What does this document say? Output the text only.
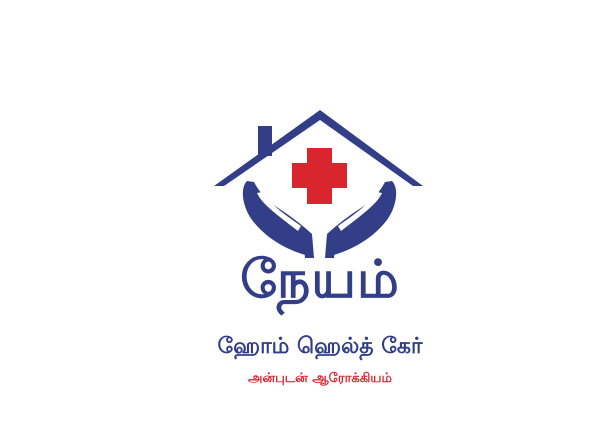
நேயம்
ஹோம் ஹெல்த் கேர்
அன்புடன் ஆரோக்கியம்
